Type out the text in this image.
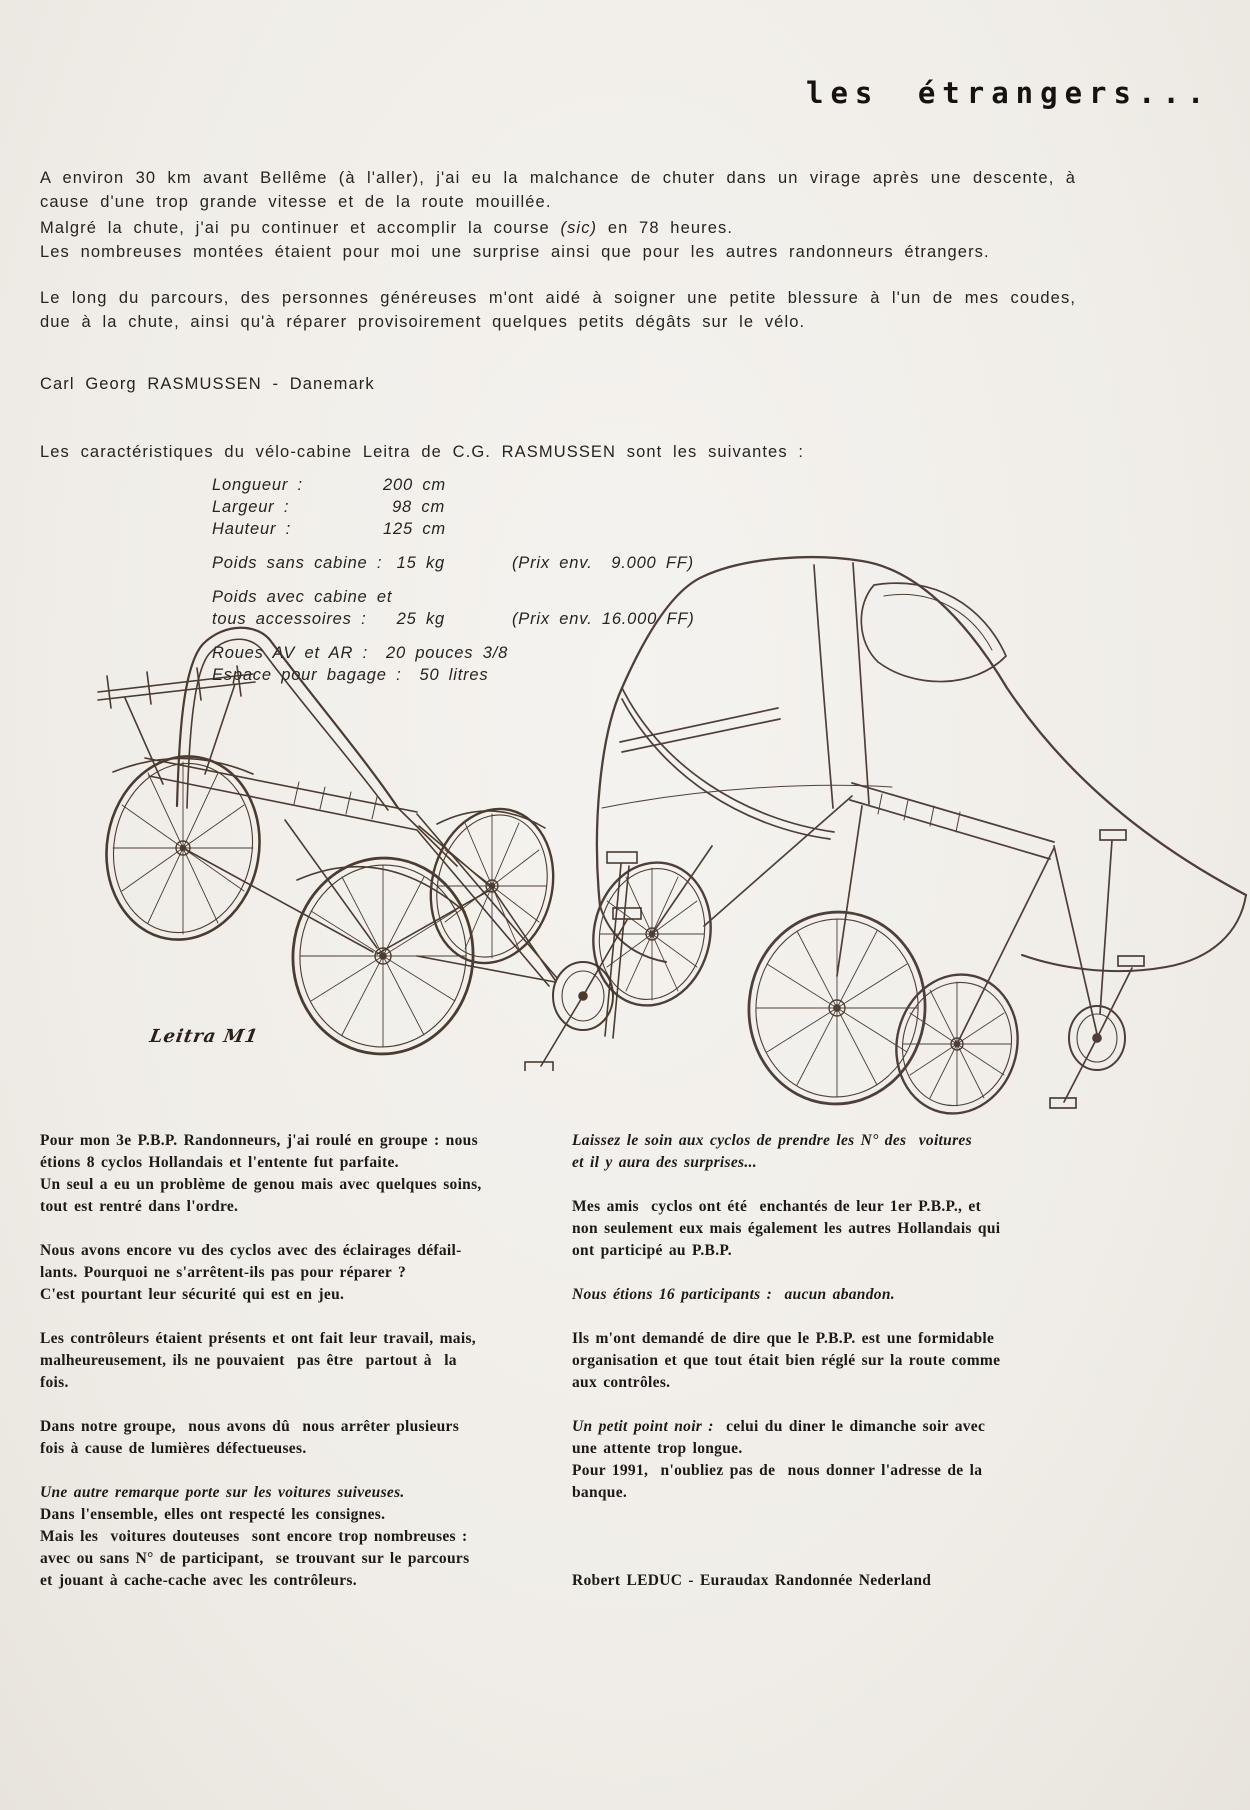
les étrangers...
A environ 30 km avant Bellême (à l'aller), j'ai eu la malchance de chuter dans un virage après une descente, à cause d'une trop grande vitesse et de la route mouillée.
Malgré la chute, j'ai pu continuer et accomplir la course (sic) en 78 heures.
Les nombreuses montées étaient pour moi une surprise ainsi que pour les autres randonneurs étrangers.
Le long du parcours, des personnes généreuses m'ont aidé à soigner une petite blessure à l'un de mes coudes, due à la chute, ainsi qu'à réparer provisoirement quelques petits dégâts sur le vélo.
Carl Georg RASMUSSEN - Danemark
Les caractéristiques du vélo-cabine Leitra de C.G. RASMUSSEN sont les suivantes :
Longueur :	200 cm
Largeur :	98 cm
Hauteur :	125 cm
Poids sans cabine : 15 kg	(Prix env.  9.000 FF)
Poids avec cabine et
tous accessoires :	25 kg	(Prix env. 16.000 FF)
Roues AV et AR : 20 pouces 3/8
Espace pour bagage : 50 litres
Leitra M1
Pour mon 3e P.B.P. Randonneurs, j'ai roulé en groupe : nous
étions 8 cyclos Hollandais et l'entente fut parfaite.
Un seul a eu un problème de genou mais avec quelques soins,
tout est rentré dans l'ordre.
Nous avons encore vu des cyclos avec des éclairages défail-
lants. Pourquoi ne s'arrêtent-ils pas pour réparer ?
C'est pourtant leur sécurité qui est en jeu.
Les contrôleurs étaient présents et ont fait leur travail, mais,
malheureusement, ils ne pouvaient  pas être  partout à  la
fois.
Dans notre groupe,  nous avons dû  nous arrêter plusieurs
fois à cause de lumières défectueuses.
Une autre remarque porte sur les voitures suiveuses.
Dans l'ensemble, elles ont respecté les consignes.
Mais les  voitures douteuses  sont encore trop nombreuses :
avec ou sans N° de participant,  se trouvant sur le parcours
et jouant à cache-cache avec les contrôleurs.
Laissez le soin aux cyclos de prendre les N° des  voitures
et il y aura des surprises...
Mes amis  cyclos ont été  enchantés de leur 1er P.B.P., et
non seulement eux mais également les autres Hollandais qui
ont participé au P.B.P.
Nous étions 16 participants :  aucun abandon.
Ils m'ont demandé de dire que le P.B.P. est une formidable
organisation et que tout était bien réglé sur la route comme
aux contrôles.
Un petit point noir :  celui du diner le dimanche soir avec
une attente trop longue.
Pour 1991,  n'oubliez pas de  nous donner l'adresse de la
banque.
Robert LEDUC - Euraudax Randonnée Nederland
